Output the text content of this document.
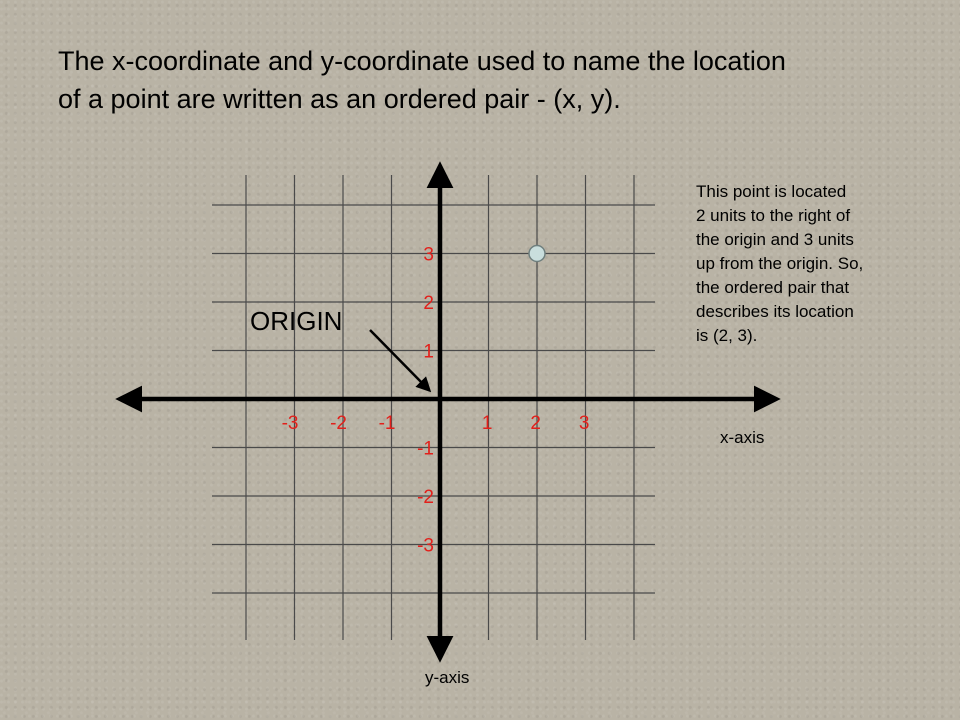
The x-coordinate and y-coordinate used to name the location
of a point are written as an ordered pair - (x, y).
-3 -2 -1	1 2 3
3
2
1
-1
-2
-3
ORIGIN
x-axis
y-axis

This point is located
2 units to the right of
the origin and 3 units
up from the origin. So,
the ordered pair that
describes its location
is (2, 3).
